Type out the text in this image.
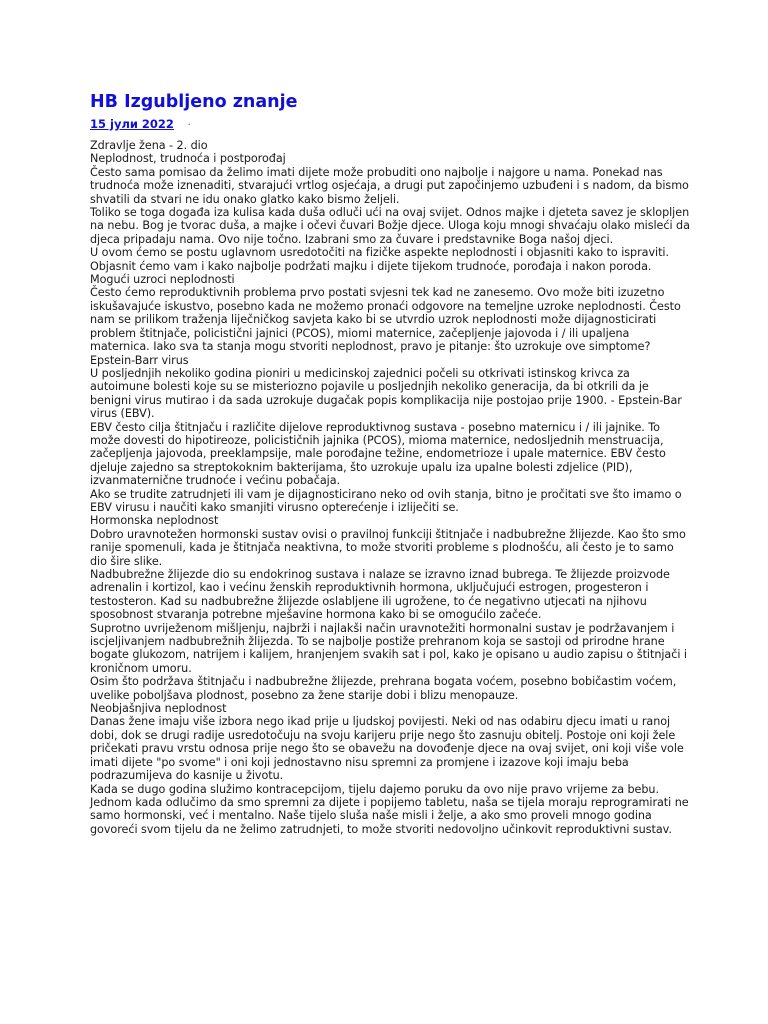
HB Izgubljeno znanje
15 јули 2022 ·

Zdravlje žena - 2. dio

Neplodnost, trudnoća i postporođaj

Često sama pomisao da želimo imati dijete može probuditi ono najbolje i najgore u nama. Ponekad nas trudnoća može iznenaditi, stvarajući vrtlog osjećaja, a drugi put započinjemo uzbuđeni i s nadom, da bismo shvatili da stvari ne idu onako glatko kako bismo željeli.

Toliko se toga događa iza kulisa kada duša odluči ući na ovaj svijet. Odnos majke i djeteta savez je sklopljen na nebu. Bog je tvorac duša, a majke i očevi čuvari Božje djece. Uloga koju mnogi shvaćaju olako misleći da djeca pripadaju nama. Ovo nije točno. Izabrani smo za čuvare i predstavnike Boga našoj djeci.

U ovom ćemo se postu uglavnom usredotočiti na fizičke aspekte neplodnosti i objasniti kako to ispraviti. Objasnit ćemo vam i kako najbolje podržati majku i dijete tijekom trudnoće, porođaja i nakon poroda.

Mogući uzroci neplodnosti

Često ćemo reproduktivnih problema prvo postati svjesni tek kad ne zanesemo. Ovo može biti izuzetno iskušavajuće iskustvo, posebno kada ne možemo pronaći odgovore na temeljne uzroke neplodnosti. Često nam se prilikom traženja liječničkog savjeta kako bi se utvrdio uzrok neplodnosti može dijagnosticirati problem štitnjače, policistični jajnici (PCOS), miomi maternice, začepljenje jajovoda i / ili upaljena maternica. Iako sva ta stanja mogu stvoriti neplodnost, pravo je pitanje: što uzrokuje ove simptome?

Epstein-Barr virus

U posljednjih nekoliko godina pioniri u medicinskoj zajednici počeli su otkrivati istinskog krivca za autoimune bolesti koje su se misteriozno pojavile u posljednjih nekoliko generacija, da bi otkrili da je benigni virus mutirao i da sada uzrokuje dugačak popis komplikacija nije postojao prije 1900. - Epstein-Bar virus (EBV).

EBV često cilja štitnjaču i različite dijelove reproduktivnog sustava - posebno maternicu i / ili jajnike. To može dovesti do hipotireoze, policističnih jajnika (PCOS), mioma maternice, nedosljednih menstruacija, začepljenja jajovoda, preeklampsije, male porođajne težine, endometrioze i upale maternice. EBV često djeluje zajedno sa streptokoknim bakterijama, što uzrokuje upalu iza upalne bolesti zdjelice (PID), izvanmaternične trudnoće i većinu pobačaja.

Ako se trudite zatrudnjeti ili vam je dijagnosticirano neko od ovih stanja, bitno je pročitati sve što imamo o EBV virusu i naučiti kako smanjiti virusno opterećenje i izliječiti se.

Hormonska neplodnost

Dobro uravnotežen hormonski sustav ovisi o pravilnoj funkciji štitnjače i nadbubrežne žlijezde. Kao što smo ranije spomenuli, kada je štitnjača neaktivna, to može stvoriti probleme s plodnošću, ali često je to samo dio šire slike.

Nadbubrežne žlijezde dio su endokrinog sustava i nalaze se izravno iznad bubrega. Te žlijezde proizvode adrenalin i kortizol, kao i većinu ženskih reproduktivnih hormona, uključujući estrogen, progesteron i testosteron. Kad su nadbubrežne žlijezde oslabljene ili ugrožene, to će negativno utjecati na njihovu sposobnost stvaranja potrebne mješavine hormona kako bi se omogućilo začeće.

Suprotno uvriježenom mišljenju, najbrži i najlakši način uravnotežiti hormonalni sustav je podržavanjem i iscjeljivanjem nadbubrežnih žlijezda. To se najbolje postiže prehranom koja se sastoji od prirodne hrane bogate glukozom, natrijem i kalijem, hranjenjem svakih sat i pol, kako je opisano u audio zapisu o štitnjači i kroničnom umoru.

Osim što podržava štitnjaču i nadbubrežne žlijezde, prehrana bogata voćem, posebno bobičastim voćem, uvelike poboljšava plodnost, posebno za žene starije dobi i blizu menopauze.

Neobjašnjiva neplodnost

Danas žene imaju više izbora nego ikad prije u ljudskoj povijesti. Neki od nas odabiru djecu imati u ranoj dobi, dok se drugi radije usredotočuju na svoju karijeru prije nego što zasnuju obitelj. Postoje oni koji žele pričekati pravu vrstu odnosa prije nego što se obavežu na dovođenje djece na ovaj svijet, oni koji više vole imati dijete "po svome" i oni koji jednostavno nisu spremni za promjene i izazove koji imaju beba podrazumijeva do kasnije u životu.

Kada se dugo godina služimo kontracepcijom, tijelu dajemo poruku da ovo nije pravo vrijeme za bebu. Jednom kada odlučimo da smo spremni za dijete i popijemo tabletu, naša se tijela moraju reprogramirati ne samo hormonski, već i mentalno. Naše tijelo sluša naše misli i želje, a ako smo proveli mnogo godina govoreći svom tijelu da ne želimo zatrudnjeti, to može stvoriti nedovoljno učinkovit reproduktivni sustav.
